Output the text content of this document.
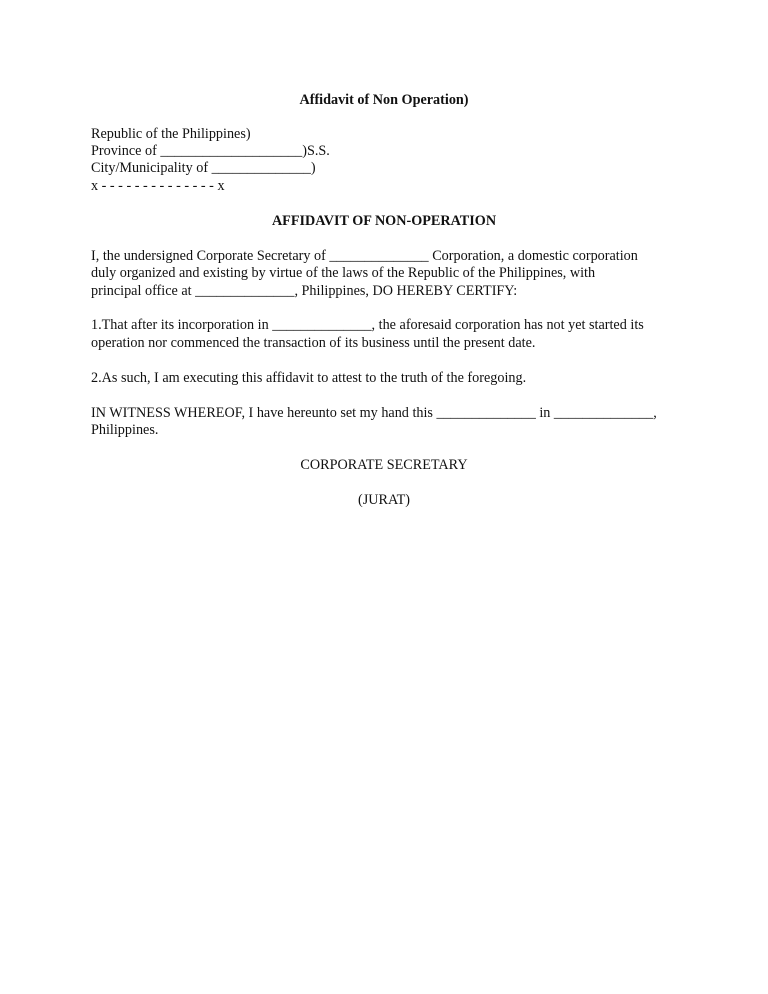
Affidavit of Non Operation)

Republic of the Philippines)

Province of ____________________)S.S.

City/Municipality of ______________)

x - - - - - - - - - - - - - - x

AFFIDAVIT OF NON-OPERATION

I, the undersigned Corporate Secretary of ______________ Corporation, a domestic corporation

duly organized and existing by virtue of the laws of the Republic of the Philippines, with

principal office at ______________, Philippines, DO HEREBY CERTIFY:

1.That after its incorporation in ______________, the aforesaid corporation has not yet started its

operation nor commenced the transaction of its business until the present date.

2.As such, I am executing this affidavit to attest to the truth of the foregoing.

IN WITNESS WHEREOF, I have hereunto set my hand this ______________ in ______________,

Philippines.

CORPORATE SECRETARY

(JURAT)
